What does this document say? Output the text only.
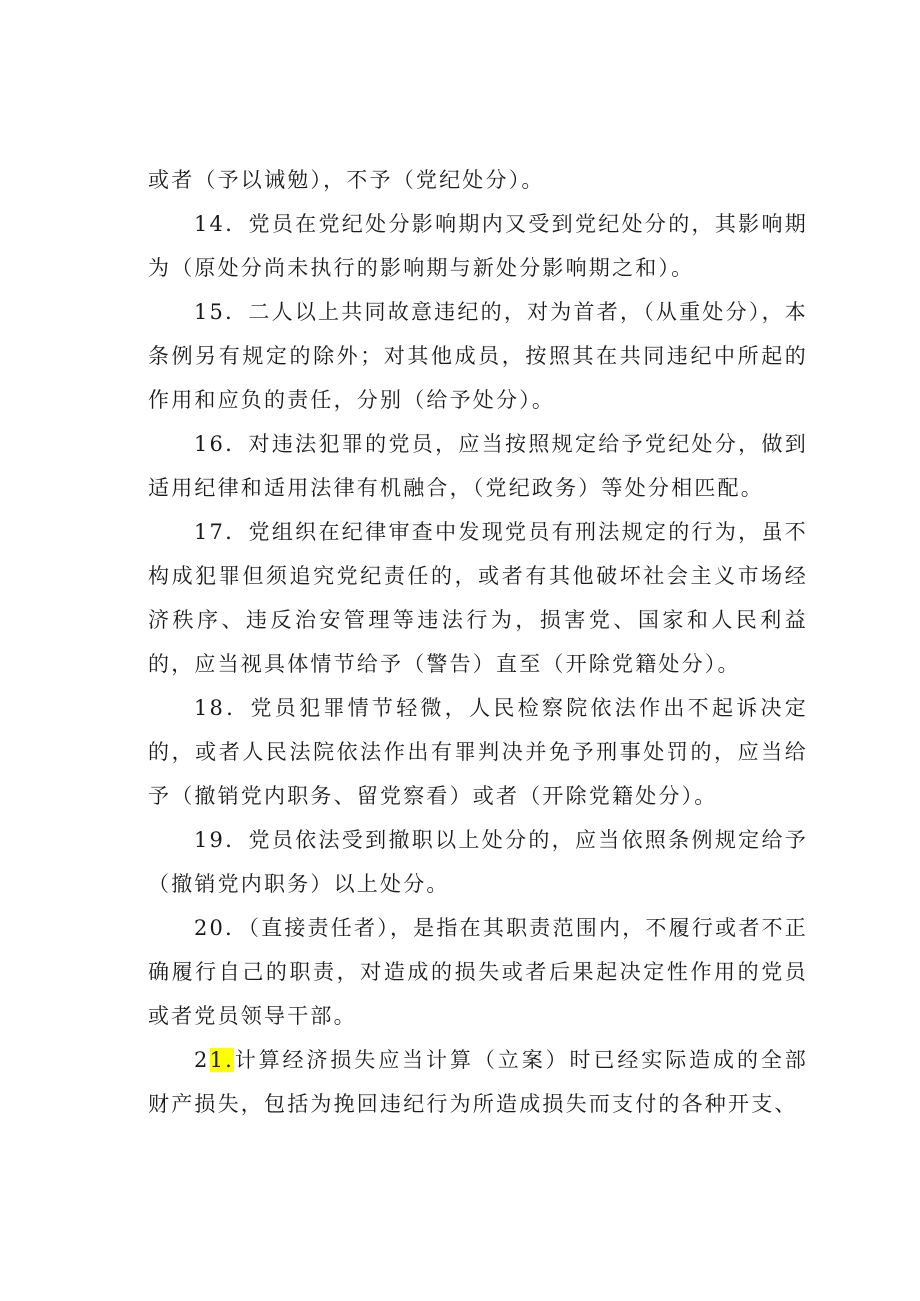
或者（予以诫勉），不予（党纪处分）。

14．党员在党纪处分影响期内又受到党纪处分的，其影响期为（原处分尚未执行的影响期与新处分影响期之和）。

15．二人以上共同故意违纪的，对为首者，（从重处分），本条例另有规定的除外；对其他成员，按照其在共同违纪中所起的作用和应负的责任，分别（给予处分）。

16．对违法犯罪的党员，应当按照规定给予党纪处分，做到适用纪律和适用法律有机融合，（党纪政务）等处分相匹配。

17．党组织在纪律审查中发现党员有刑法规定的行为，虽不构成犯罪但须追究党纪责任的，或者有其他破坏社会主义市场经济秩序、违反治安管理等违法行为，损害党、国家和人民利益的，应当视具体情节给予（警告）直至（开除党籍处分）。

18．党员犯罪情节轻微，人民检察院依法作出不起诉决定的，或者人民法院依法作出有罪判决并免予刑事处罚的，应当给予（撤销党内职务、留党察看）或者（开除党籍处分）。

19．党员依法受到撤职以上处分的，应当依照条例规定给予（撤销党内职务）以上处分。

20．（直接责任者），是指在其职责范围内，不履行或者不正确履行自己的职责，对造成的损失或者后果起决定性作用的党员或者党员领导干部。

21.计算经济损失应当计算（立案）时已经实际造成的全部财产损失，包括为挽回违纪行为所造成损失而支付的各种开支、
